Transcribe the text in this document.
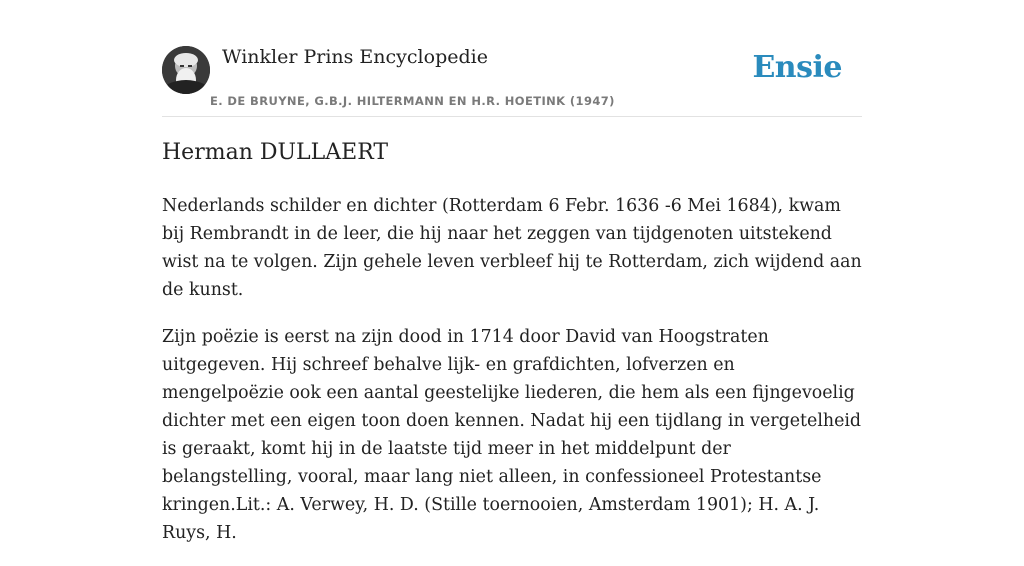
Winkler Prins Encyclopedie
E. DE BRUYNE, G.B.J. HILTERMANN EN H.R. HOETINK (1947)
Ensie
Herman DULLAERT

Nederlands schilder en dichter (Rotterdam 6 Febr. 1636 -6 Mei 1684), kwam bij Rembrandt in de leer, die hij naar het zeggen van tijdgenoten uitstekend wist na te volgen. Zijn gehele leven verbleef hij te Rotterdam, zich wijdend aan de kunst.

Zijn poëzie is eerst na zijn dood in 1714 door David van Hoogstraten uitgegeven. Hij schreef behalve lijk- en grafdichten, lofverzen en mengelpoëzie ook een aantal geestelijke liederen, die hem als een fijngevoelig dichter met een eigen toon doen kennen. Nadat hij een tijdlang in vergetelheid is geraakt, komt hij in de laatste tijd meer in het middelpunt der belangstelling, vooral, maar lang niet alleen, in confessioneel Protestantse kringen.Lit.: A. Verwey, H. D. (Stille toernooien, Amsterdam 1901); H. A. J. Ruys, H.
